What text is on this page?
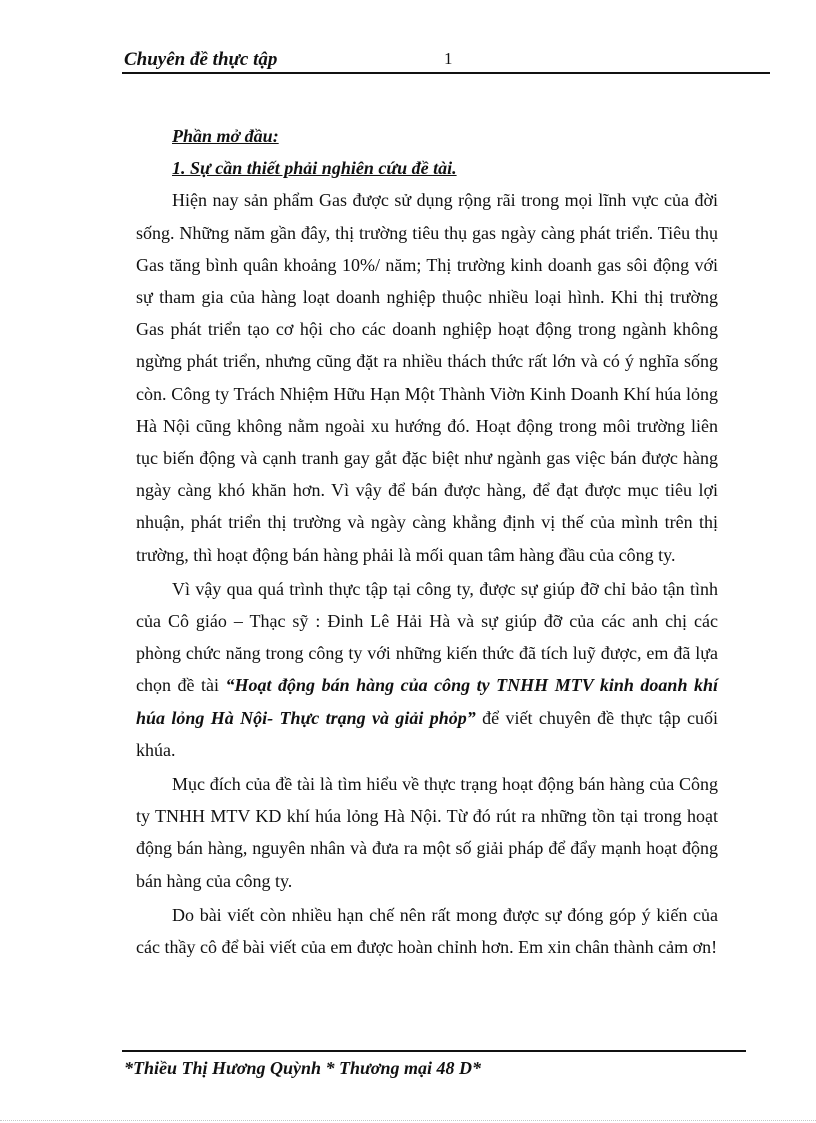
Chuyên đề thực tập	1

Phần mở đầu:

1. Sự cần thiết phải nghiên cứu đề tài.

Hiện nay sản phẩm Gas được sử dụng rộng rãi trong mọi lĩnh vực của đời sống. Những năm gần đây, thị trường tiêu thụ gas ngày càng phát triển. Tiêu thụ Gas tăng bình quân khoảng 10%/ năm; Thị trường kinh doanh gas sôi động với sự tham gia của hàng loạt doanh nghiệp thuộc nhiều loại hình. Khi thị trường Gas phát triển tạo cơ hội cho các doanh nghiệp hoạt động trong ngành không ngừng phát triển, nhưng cũng đặt ra nhiều thách thức rất lớn và có ý nghĩa sống còn. Công ty Trách Nhiệm Hữu Hạn Một Thành Viờn Kinh Doanh Khí húa lỏng Hà Nội cũng không nằm ngoài xu hướng đó. Hoạt động trong môi trường liên tục biến động và cạnh tranh gay gắt đặc biệt như ngành gas việc bán được hàng ngày càng khó khăn hơn. Vì vậy để bán được hàng, để đạt được mục tiêu lợi nhuận, phát triển thị trường và ngày càng khẳng định vị thế của mình trên thị trường, thì hoạt động bán hàng phải là mối quan tâm hàng đầu của công ty.

Vì vậy qua quá trình thực tập tại công ty, được sự giúp đỡ chỉ bảo tận tình của Cô giáo – Thạc sỹ : Đinh Lê Hải Hà và sự giúp đỡ của các anh chị các phòng chức năng trong công ty với những kiến thức đã tích luỹ được, em đã lựa chọn đề tài “Hoạt động bán hàng của công ty TNHH MTV kinh doanh khí húa lỏng Hà Nội- Thực trạng và giải phỏp” để viết chuyên đề thực tập cuối khúa.

Mục đích của đề tài là tìm hiểu về thực trạng hoạt động bán hàng của Công ty TNHH MTV KD khí húa lỏng Hà Nội. Từ đó rút ra những tồn tại trong hoạt động bán hàng, nguyên nhân và đưa ra một số giải pháp để đẩy mạnh hoạt động bán hàng của công ty.

Do bài viết còn nhiều hạn chế nên rất mong được sự đóng góp ý kiến của các thầy cô để bài viết của em được hoàn chỉnh hơn. Em xin chân thành cảm ơn!

*Thiều Thị Hương Quỳnh * Thương mại 48 D*
